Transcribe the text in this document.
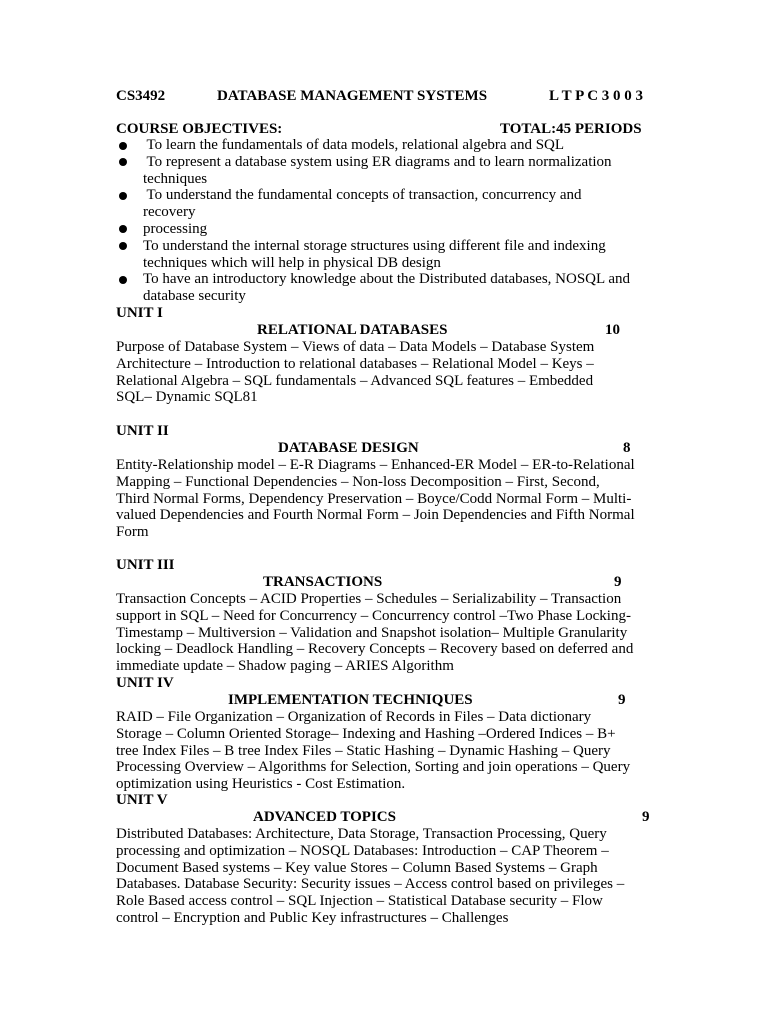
CS3492	DATABASE MANAGEMENT SYSTEMS	L T P C 3 0 0 3
COURSE OBJECTIVES:	TOTAL:45 PERIODS
To learn the fundamentals of data models, relational algebra and SQL
To represent a database system using ER diagrams and to learn normalization
techniques
To understand the fundamental concepts of transaction, concurrency and
recovery
processing
To understand the internal storage structures using different file and indexing
techniques which will help in physical DB design
To have an introductory knowledge about the Distributed databases, NOSQL and
database security
UNIT I
RELATIONAL DATABASES	10
Purpose of Database System – Views of data – Data Models – Database System
Architecture – Introduction to relational databases – Relational Model – Keys –
Relational Algebra – SQL fundamentals – Advanced SQL features – Embedded
SQL– Dynamic SQL81
UNIT II
DATABASE DESIGN	8
Entity-Relationship model – E-R Diagrams – Enhanced-ER Model – ER-to-Relational
Mapping – Functional Dependencies – Non-loss Decomposition – First, Second,
Third Normal Forms, Dependency Preservation – Boyce/Codd Normal Form – Multi-
valued Dependencies and Fourth Normal Form – Join Dependencies and Fifth Normal
Form
UNIT III
TRANSACTIONS	9
Transaction Concepts – ACID Properties – Schedules – Serializability – Transaction
support in SQL – Need for Concurrency – Concurrency control –Two Phase Locking-
Timestamp – Multiversion – Validation and Snapshot isolation– Multiple Granularity
locking – Deadlock Handling – Recovery Concepts – Recovery based on deferred and
immediate update – Shadow paging – ARIES Algorithm
UNIT IV
IMPLEMENTATION TECHNIQUES	9
RAID – File Organization – Organization of Records in Files – Data dictionary
Storage – Column Oriented Storage– Indexing and Hashing –Ordered Indices – B+
tree Index Files – B tree Index Files – Static Hashing – Dynamic Hashing – Query
Processing Overview – Algorithms for Selection, Sorting and join operations – Query
optimization using Heuristics - Cost Estimation.
UNIT V
ADVANCED TOPICS	9
Distributed Databases: Architecture, Data Storage, Transaction Processing, Query
processing and optimization – NOSQL Databases: Introduction – CAP Theorem –
Document Based systems – Key value Stores – Column Based Systems – Graph
Databases. Database Security: Security issues – Access control based on privileges –
Role Based access control – SQL Injection – Statistical Database security – Flow
control – Encryption and Public Key infrastructures – Challenges
